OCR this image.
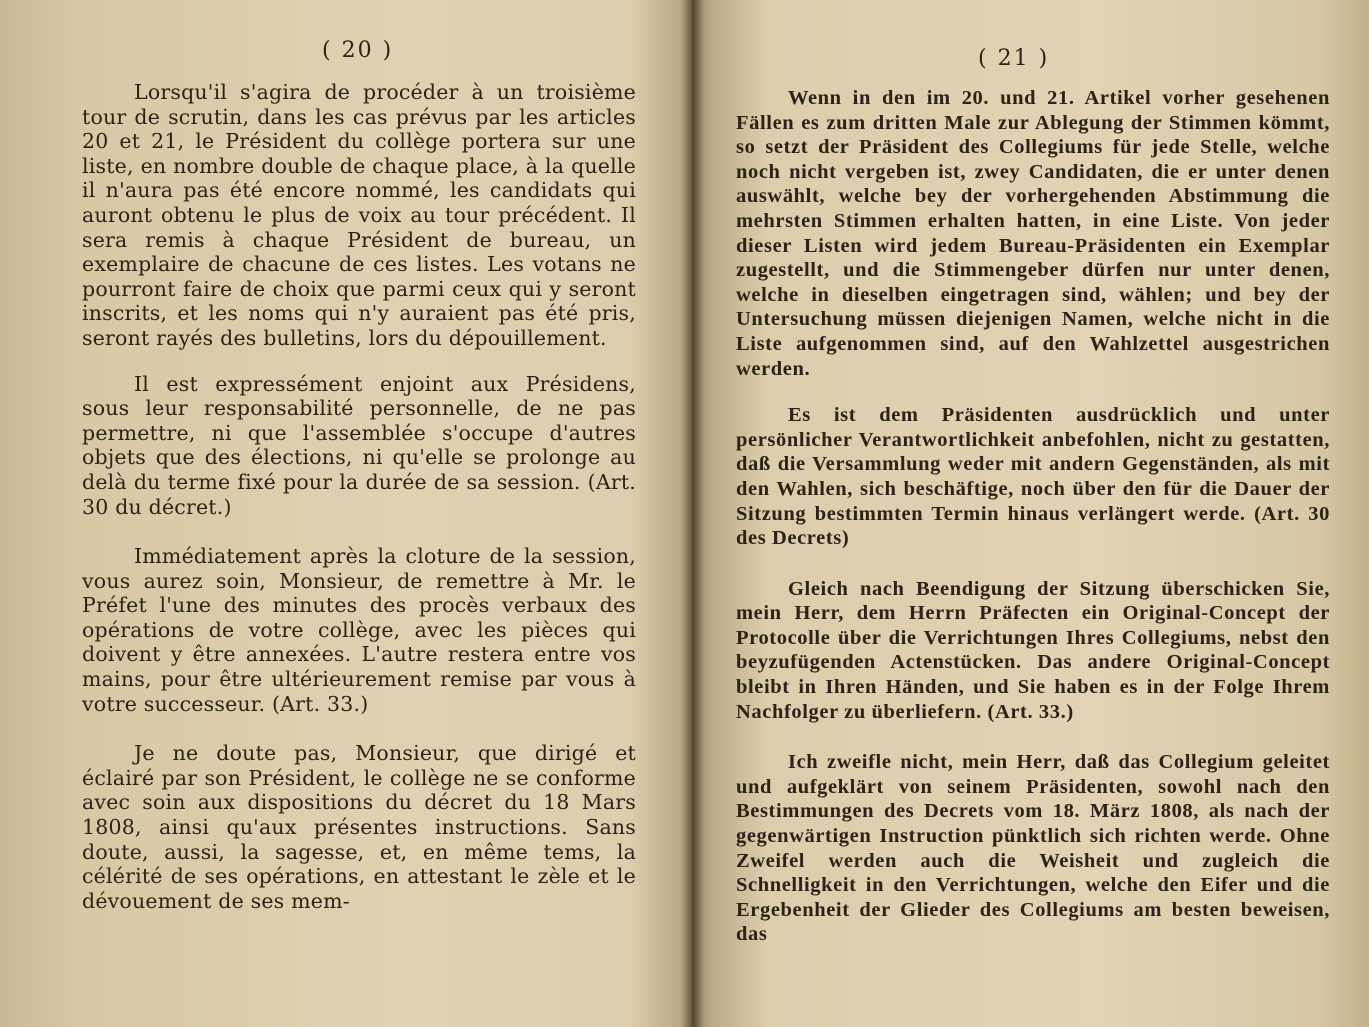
( 20 )

Lorsqu'il s'agira de procéder à un troisième tour de scrutin, dans les cas prévus par les articles 20 et 21, le Président du collège portera sur une liste, en nombre double de chaque place, à la quelle il n'aura pas été encore nommé, les candidats qui auront obtenu le plus de voix au tour précédent. Il sera remis à chaque Président de bureau, un exemplaire de chacune de ces listes. Les votans ne pourront faire de choix que parmi ceux qui y seront inscrits, et les noms qui n'y auraient pas été pris, seront rayés des bulletins, lors du dépouillement.

Il est expressément enjoint aux Présidens, sous leur responsabilité personnelle, de ne pas permettre, ni que l'assemblée s'occupe d'autres objets que des élections, ni qu'elle se prolonge au delà du terme fixé pour la durée de sa session. (Art. 30 du décret.)

Immédiatement après la cloture de la session, vous aurez soin, Monsieur, de remettre à Mr. le Préfet l'une des minutes des procès verbaux des opérations de votre collège, avec les pièces qui doivent y être annexées. L'autre restera entre vos mains, pour être ultérieurement remise par vous à votre successeur. (Art. 33.)

Je ne doute pas, Monsieur, que dirigé et éclairé par son Président, le collège ne se conforme avec soin aux dispositions du décret du 18 Mars 1808, ainsi qu'aux présentes instructions. Sans doute, aussi, la sagesse, et, en même tems, la célérité de ses opérations, en attestant le zèle et le dévouement de ses mem-

( 21 )

Wenn in den im 20. und 21. Artikel vorher gesehenen Fällen es zum dritten Male zur Ablegung der Stimmen kömmt, so setzt der Präsident des Collegiums für jede Stelle, welche noch nicht vergeben ist, zwey Candidaten, die er unter denen auswählt, welche bey der vorhergehenden Abstimmung die mehrsten Stimmen erhalten hatten, in eine Liste. Von jeder dieser Listen wird jedem Bureau-Präsidenten ein Exemplar zugestellt, und die Stimmengeber dürfen nur unter denen, welche in dieselben eingetragen sind, wählen; und bey der Untersuchung müssen diejenigen Namen, welche nicht in die Liste aufgenommen sind, auf den Wahlzettel ausgestrichen werden.

Es ist dem Präsidenten ausdrücklich und unter persönlicher Verantwortlichkeit anbefohlen, nicht zu gestatten, daß die Versammlung weder mit andern Gegenständen, als mit den Wahlen, sich beschäftige, noch über den für die Dauer der Sitzung bestimmten Termin hinaus verlängert werde. (Art. 30 des Decrets)

Gleich nach Beendigung der Sitzung überschicken Sie, mein Herr, dem Herrn Präfecten ein Original-Concept der Protocolle über die Verrichtungen Ihres Collegiums, nebst den beyzufügenden Actenstücken. Das andere Original-Concept bleibt in Ihren Händen, und Sie haben es in der Folge Ihrem Nachfolger zu überliefern. (Art. 33.)

Ich zweifle nicht, mein Herr, daß das Collegium geleitet und aufgeklärt von seinem Präsidenten, sowohl nach den Bestimmungen des Decrets vom 18. März 1808, als nach der gegenwärtigen Instruction pünktlich sich richten werde. Ohne Zweifel werden auch die Weisheit und zugleich die Schnelligkeit in den Verrichtungen, welche den Eifer und die Ergebenheit der Glieder des Collegiums am besten beweisen, das
